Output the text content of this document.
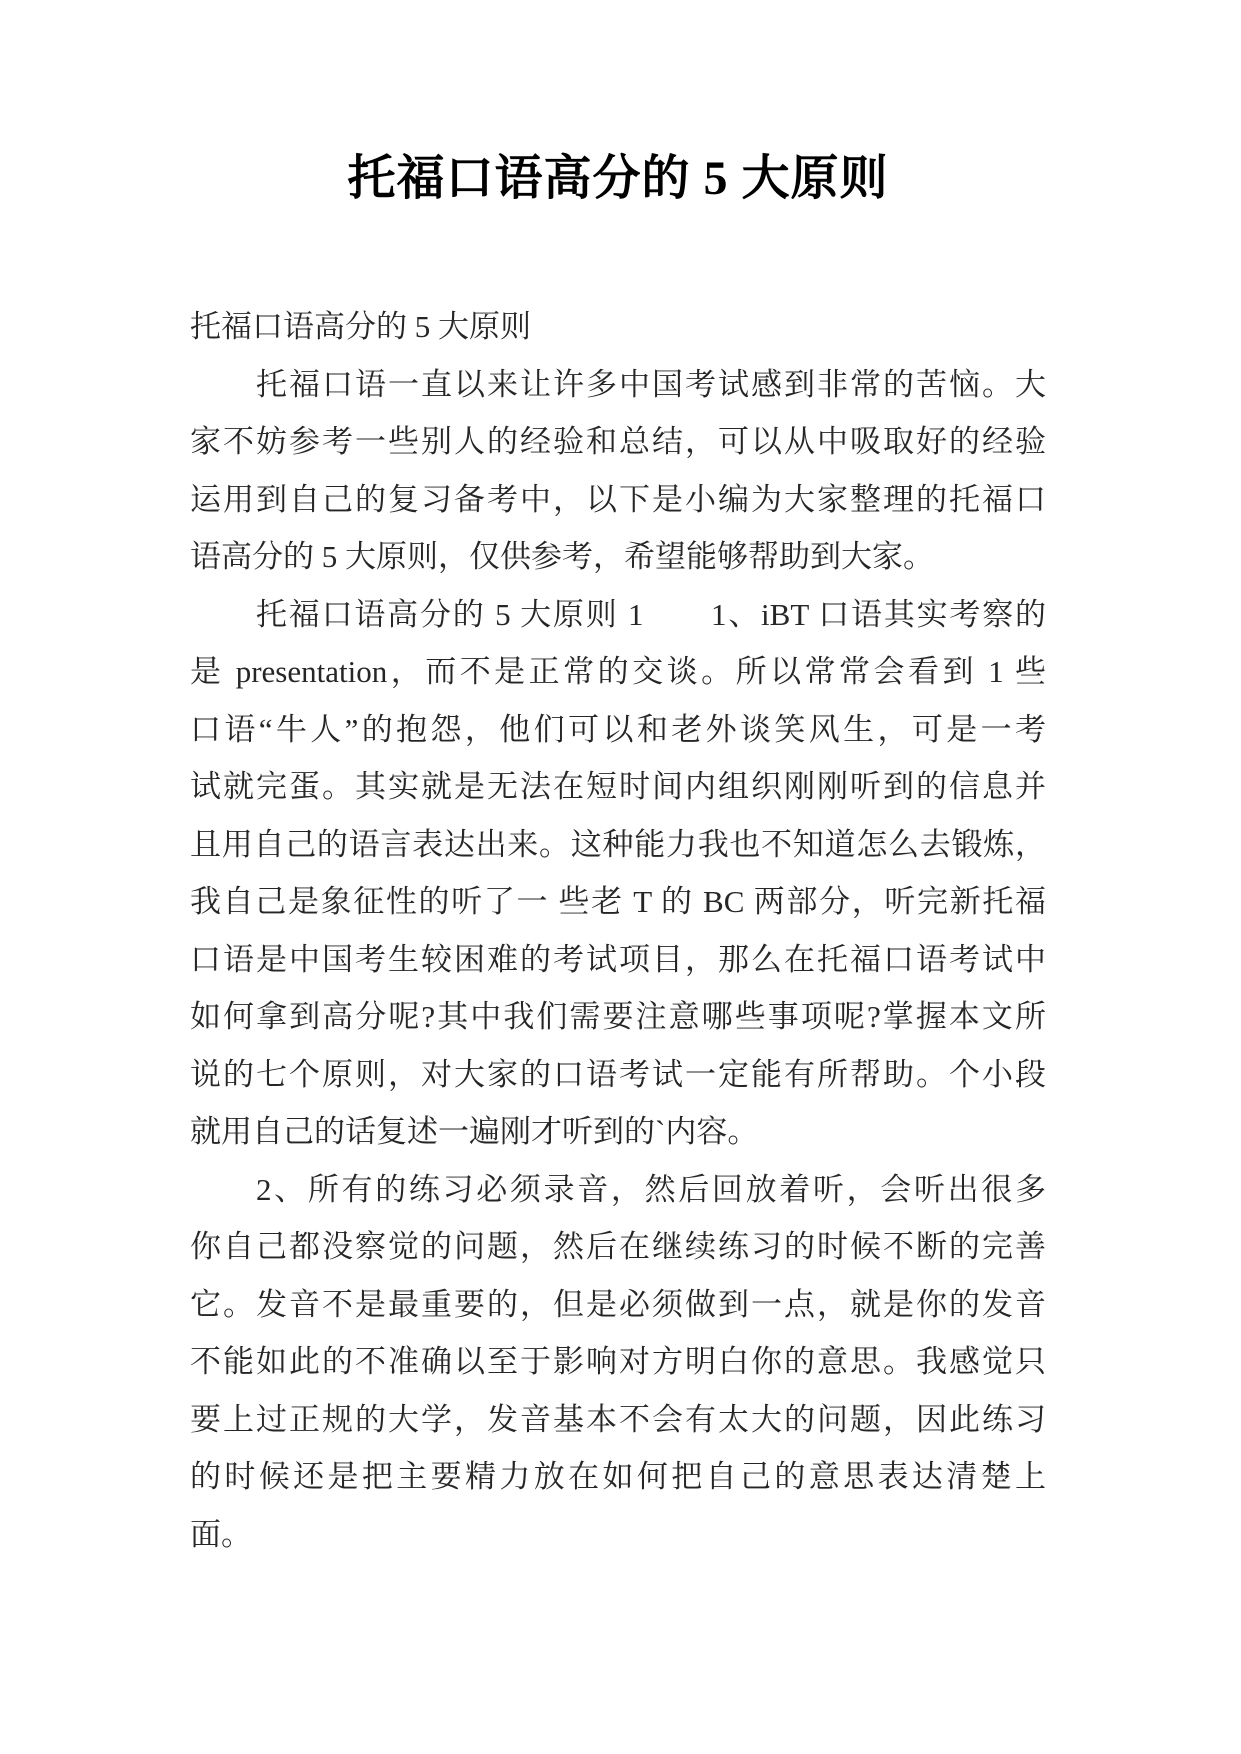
托福口语高分的 5 大原则
托福口语高分的 5 大原则
托福口语一直以来让许多中国考试感到非常的苦恼。大
家不妨参考一些别人的经验和总结，可以从中吸取好的经验
运用到自己的复习备考中，以下是小编为大家整理的托福口
语高分的 5 大原则，仅供参考，希望能够帮助到大家。
托福口语高分的 5 大原则 1　　1、iBT 口语其实考察的
是 presentation，而不是正常的交谈。所以常常会看到 1 些
口语“牛人”的抱怨，他们可以和老外谈笑风生，可是一考
试就完蛋。其实就是无法在短时间内组织刚刚听到的信息并
且用自己的语言表达出来。这种能力我也不知道怎么去锻炼，
我自己是象征性的听了一 些老 T 的 BC 两部分，听完新托福
口语是中国考生较困难的考试项目，那么在托福口语考试中
如何拿到高分呢?其中我们需要注意哪些事项呢?掌握本文所
说的七个原则，对大家的口语考试一定能有所帮助。个小段
就用自己的话复述一遍刚才听到的`内容。
2、所有的练习必须录音，然后回放着听，会听出很多
你自己都没察觉的问题，然后在继续练习的时候不断的完善
它。发音不是最重要的，但是必须做到一点，就是你的发音
不能如此的不准确以至于影响对方明白你的意思。我感觉只
要上过正规的大学，发音基本不会有太大的问题，因此练习
的时候还是把主要精力放在如何把自己的意思表达清楚上
面。
